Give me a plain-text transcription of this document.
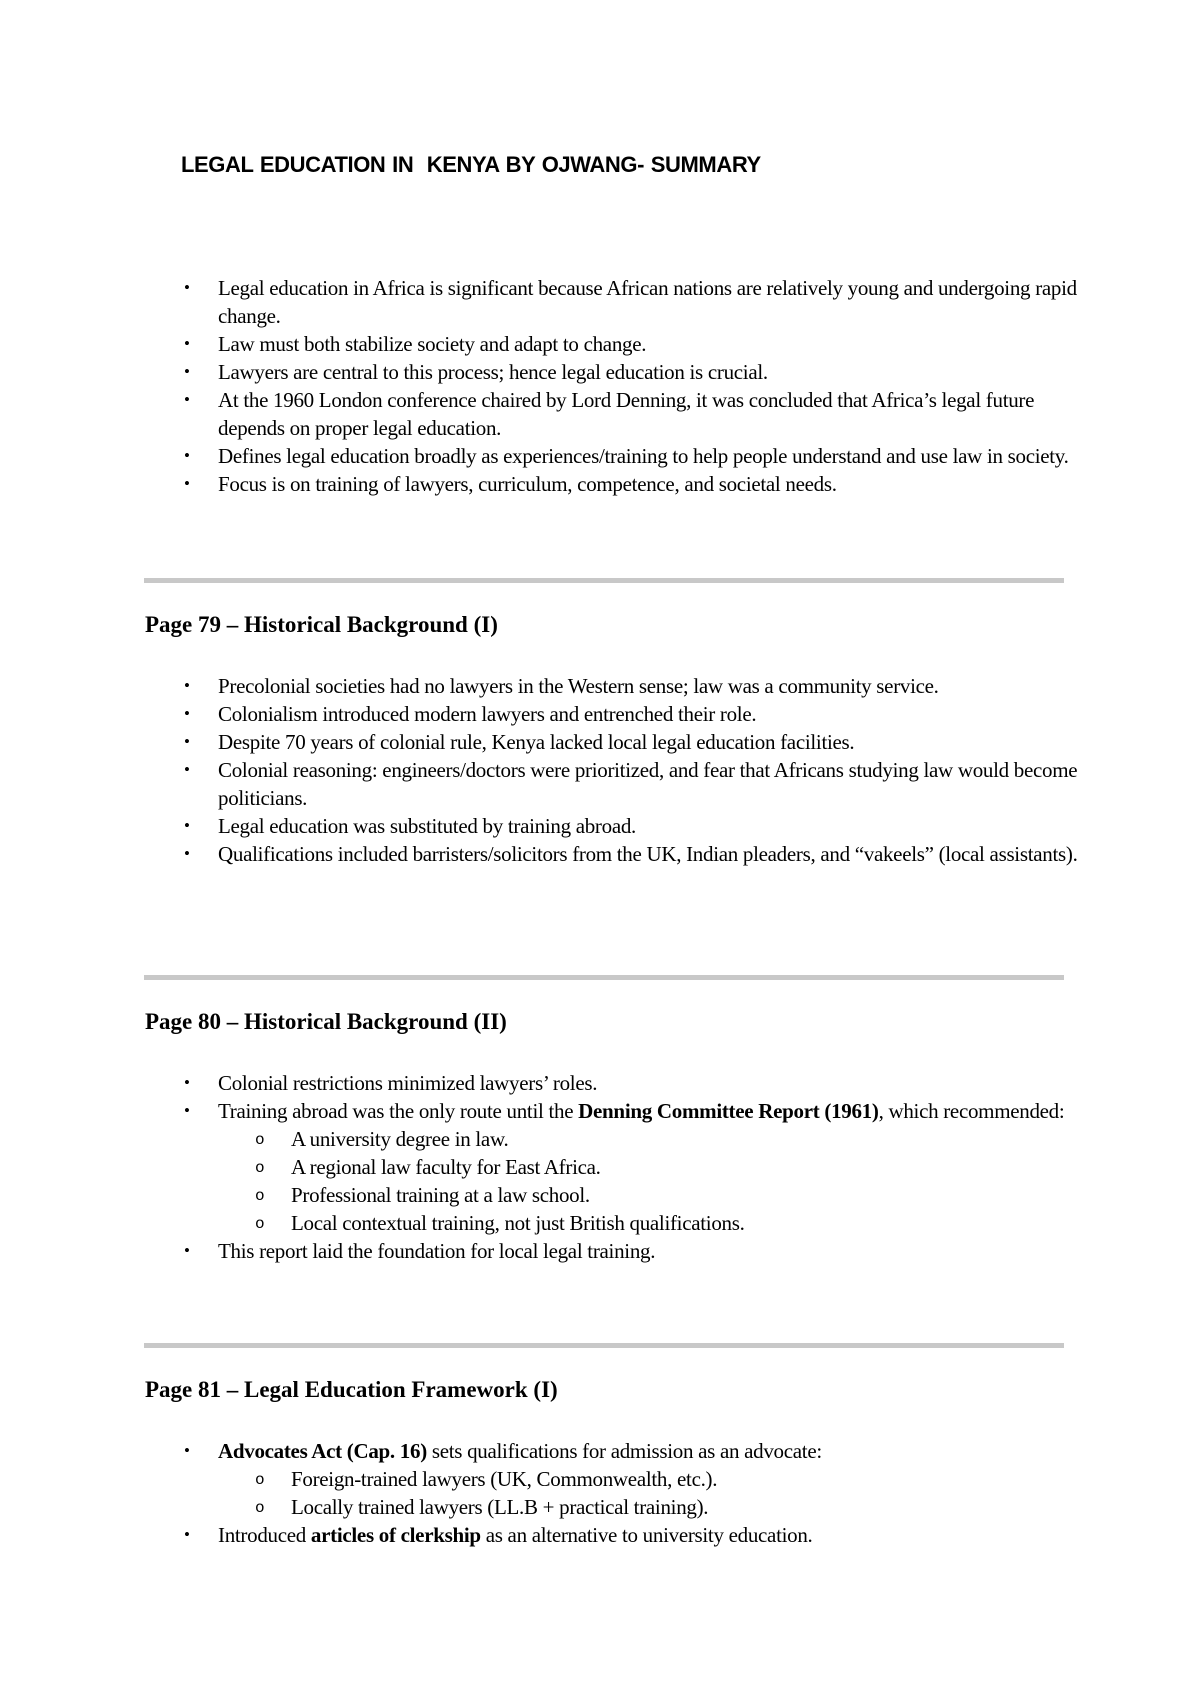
LEGAL EDUCATION IN  KENYA BY OJWANG- SUMMARY
• Legal education in Africa is significant because African nations are relatively young and undergoing rapid change.
• Law must both stabilize society and adapt to change.
• Lawyers are central to this process; hence legal education is crucial.
• At the 1960 London conference chaired by Lord Denning, it was concluded that Africa’s legal future depends on proper legal education.
• Defines legal education broadly as experiences/training to help people understand and use law in society.
• Focus is on training of lawyers, curriculum, competence, and societal needs.
Page 79 – Historical Background (I)
• Precolonial societies had no lawyers in the Western sense; law was a community service.
• Colonialism introduced modern lawyers and entrenched their role.
• Despite 70 years of colonial rule, Kenya lacked local legal education facilities.
• Colonial reasoning: engineers/doctors were prioritized, and fear that Africans studying law would become politicians.
• Legal education was substituted by training abroad.
• Qualifications included barristers/solicitors from the UK, Indian pleaders, and “vakeels” (local assistants).
Page 80 – Historical Background (II)
• Colonial restrictions minimized lawyers’ roles.
• Training abroad was the only route until the Denning Committee Report (1961), which recommended:
o A university degree in law.
o A regional law faculty for East Africa.
o Professional training at a law school.
o Local contextual training, not just British qualifications.
• This report laid the foundation for local legal training.
Page 81 – Legal Education Framework (I)
• Advocates Act (Cap. 16) sets qualifications for admission as an advocate:
o Foreign-trained lawyers (UK, Commonwealth, etc.).
o Locally trained lawyers (LL.B + practical training).
• Introduced articles of clerkship as an alternative to university education.
